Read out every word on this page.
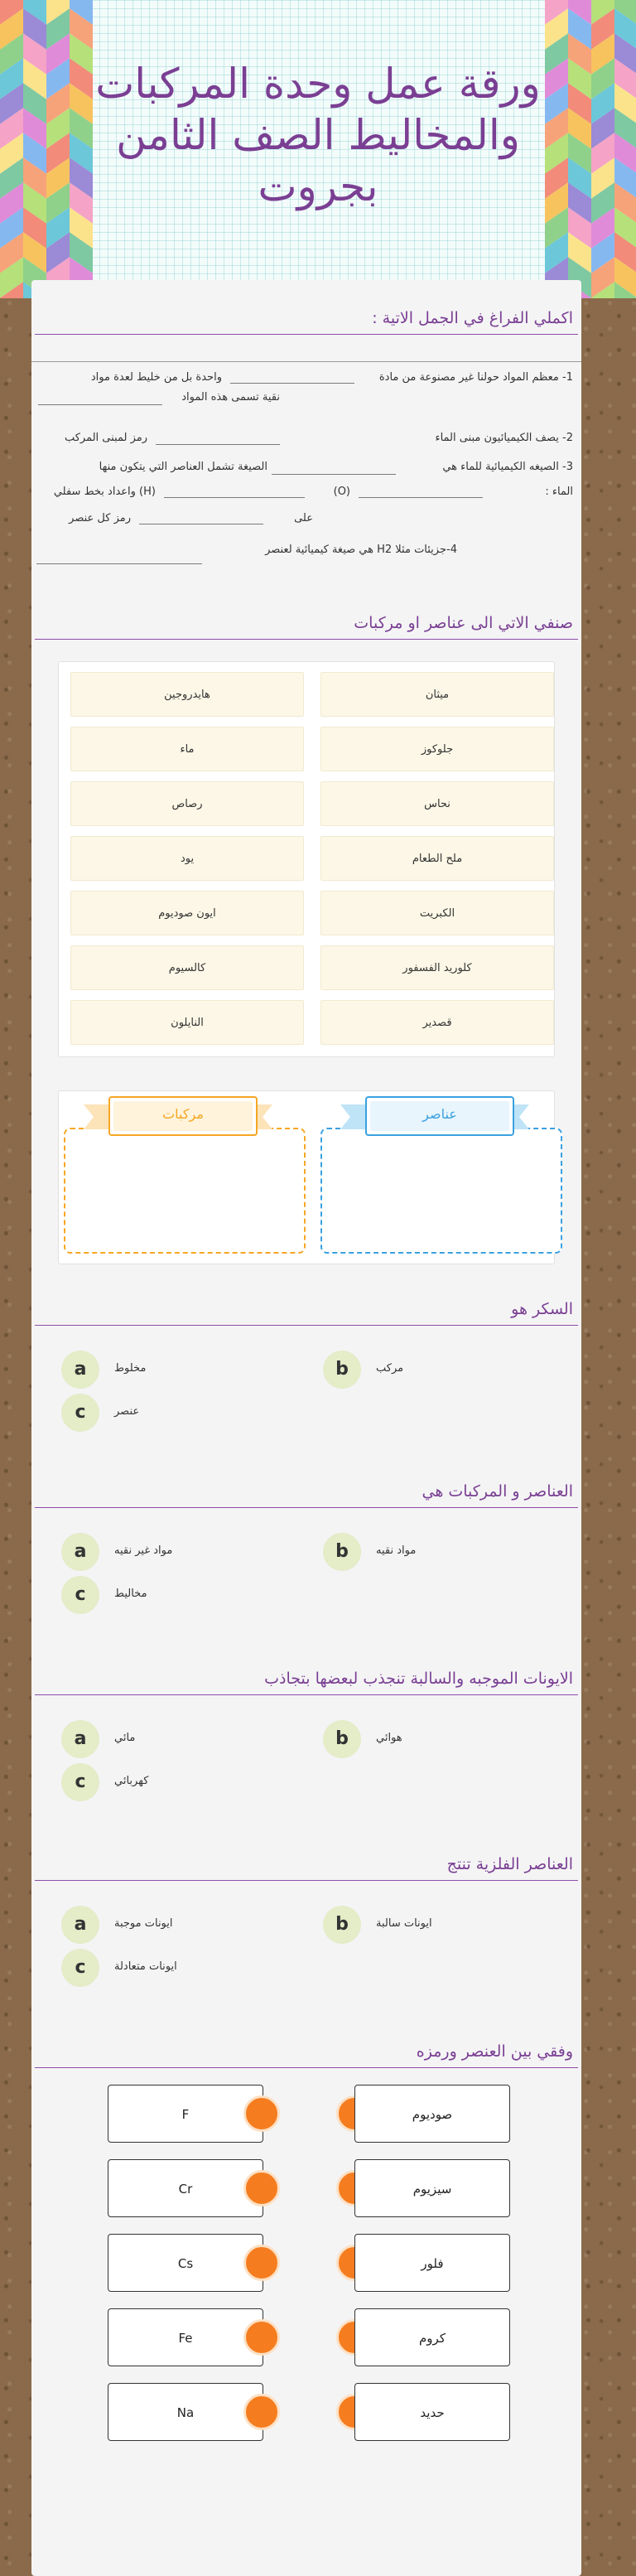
ورقة عمل وحدة المركبات والمخاليط الصف الثامن بجروت
اكملي الفراغ في الجمل الاتية :
1- معظم المواد حولنا غير مصنوعة من مادة
واحدة بل من خليط لعدة مواد
نقية تسمى هذه المواد
2- يصف الكيميائيون مبنى الماء
رمز لمبنى المركب
3- الصيغه الكيميائية للماء هي
الصيغة تشمل العناصر التي يتكون منها
الماء :
(O)
(H) واعداد بخط سفلي
على
رمز كل عنصر
4-جزيئات مثلا H2 هي صيغة كيميائية لعنصر
صنفي الاتي الى عناصر او مركبات
ميثان
هايدروجين
جلوكوز
ماء
نحاس
رصاص
ملح الطعام
يود
الكبريت
ايون صوديوم
كلوريد الفسفور
كالسيوم
قصدير
النايلون
عناصر
مركبات
السكر هو
a	مخلوط	b	مركب
c	عنصر
العناصر و المركبات هي
a	مواد غير نقيه	b	مواد نقيه
c	مخاليط
الايونات الموجبه والسالبة تنجذب لبعضها بتجاذب
a	مائي	b	هوائي
c	كهربائي
العناصر الفلزية تنتج
a	ايونات موجبة	b	ايونات سالبة
c	ايونات متعادلة
وفقي بين العنصر ورمزه
F	صوديوم
Cr	سيزيوم
Cs	فلور
Fe	كروم
Na	حديد
